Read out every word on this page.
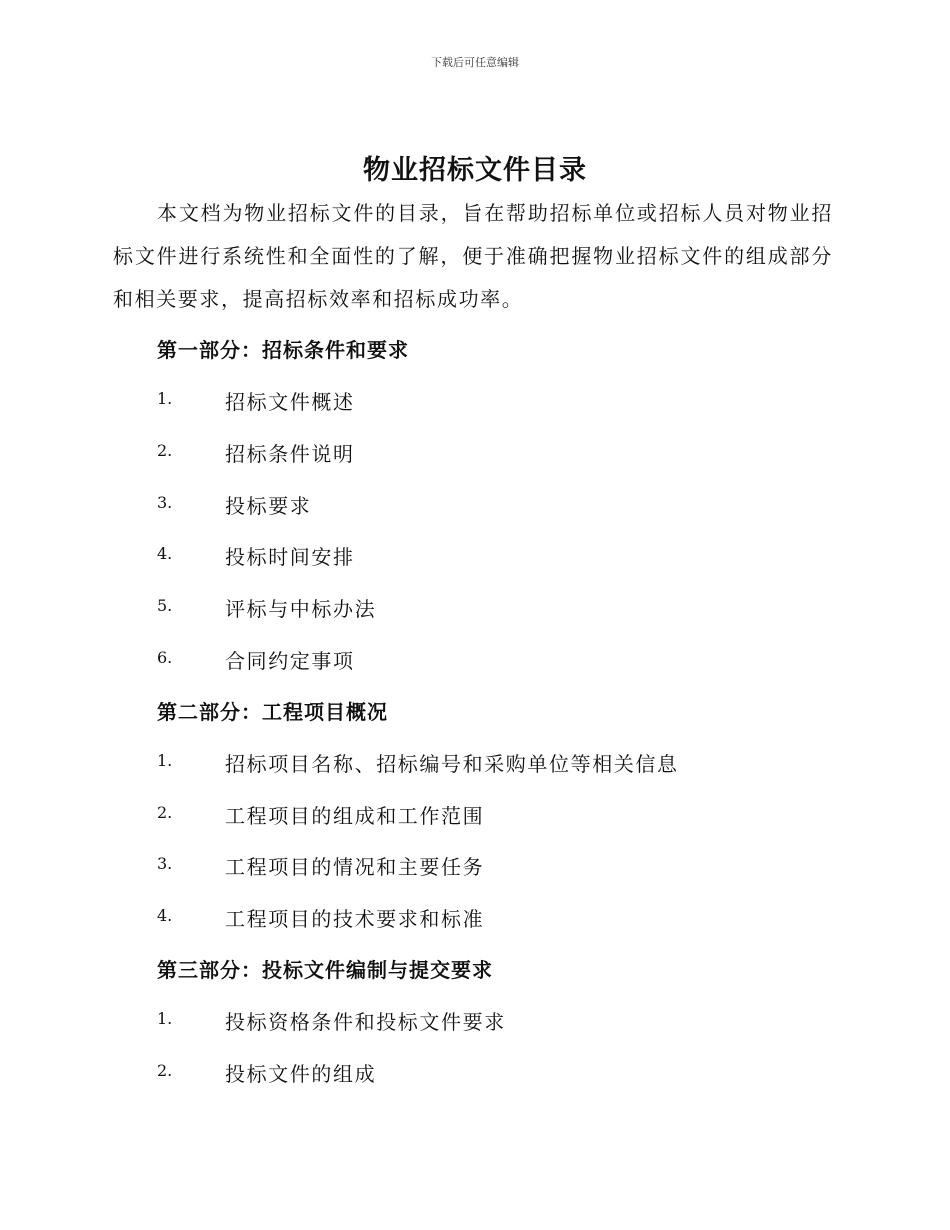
下载后可任意编辑
物业招标文件目录
本文档为物业招标文件的目录，旨在帮助招标单位或招标人员对物业招标文件进行系统性和全面性的了解，便于准确把握物业招标文件的组成部分和相关要求，提高招标效率和招标成功率。
第一部分：招标条件和要求
1.	招标文件概述
2.	招标条件说明
3.	投标要求
4.	投标时间安排
5.	评标与中标办法
6.	合同约定事项
第二部分：工程项目概况
1.	招标项目名称、招标编号和采购单位等相关信息
2.	工程项目的组成和工作范围
3.	工程项目的情况和主要任务
4.	工程项目的技术要求和标准
第三部分：投标文件编制与提交要求
1.	投标资格条件和投标文件要求
2.	投标文件的组成
